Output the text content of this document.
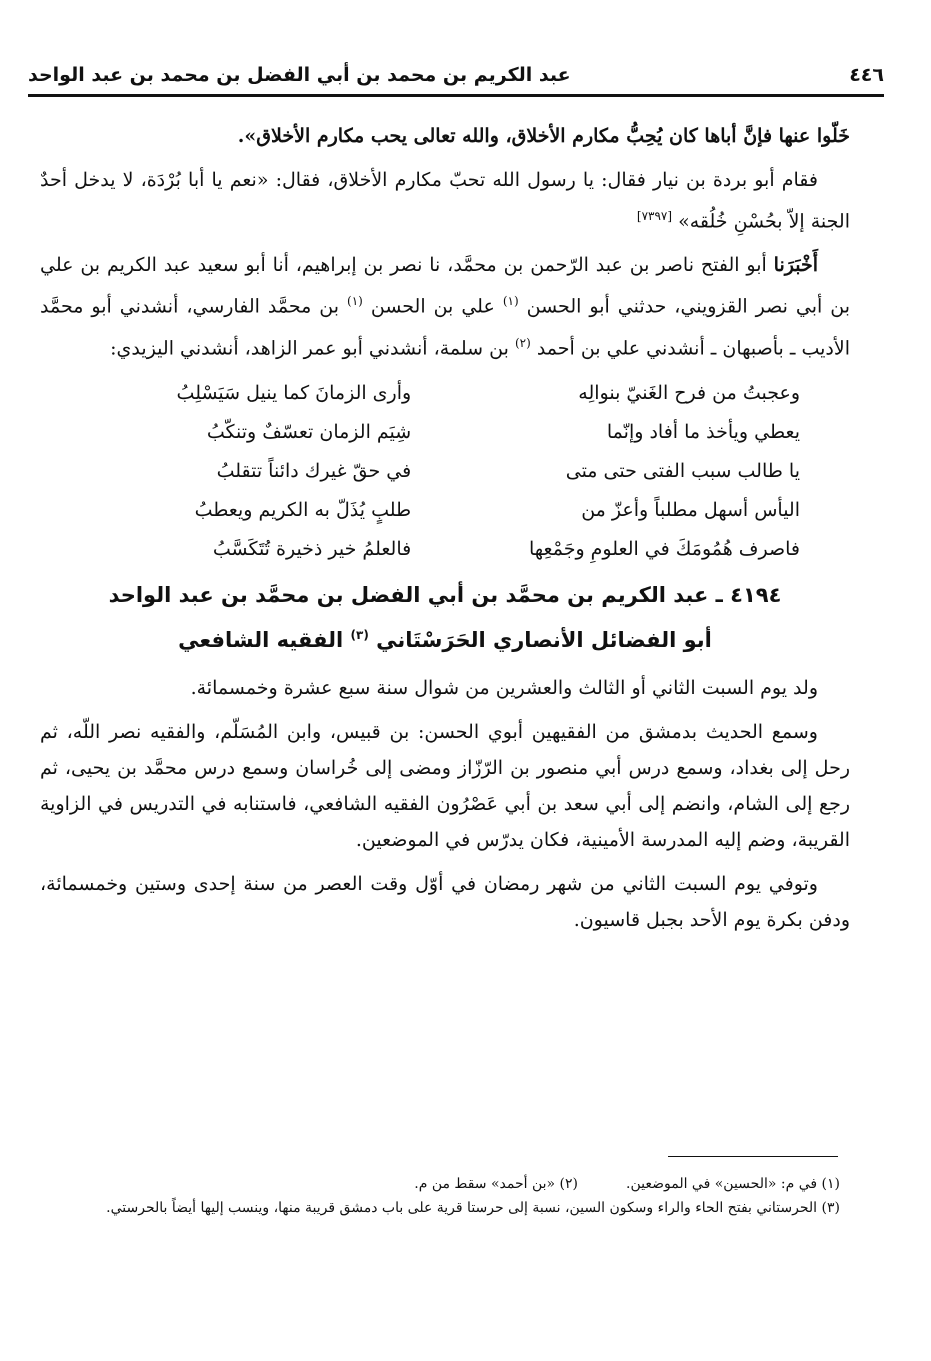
٤٤٦
عبد الكريم بن محمد بن أبي الفضل بن محمد بن عبد الواحد

خَلّوا عنها فإنَّ أباها كان يُحِبُّ مكارم الأخلاق، والله تعالى يحب مكارم الأخلاق».

فقام أبو بردة بن نيار فقال: يا رسول الله تحبّ مكارم الأخلاق، فقال: «نعم يا أبا بُرْدَة، لا يدخل أحدٌ الجنة إلاّ بحُسْنِ خُلُقه» [٧٣٩٧]

أَخْبَرَنا أبو الفتح ناصر بن عبد الرّحمن بن محمَّد، نا نصر بن إبراهيم، أنا أبو سعيد عبد الكريم بن علي بن أبي نصر القزويني، حدثني أبو الحسن $^{(١)}$ علي بن الحسن $^{(١)}$ بن محمَّد الفارسي، أنشدني أبو محمَّد الأديب ـ بأصبهان ـ أنشدني علي بن أحمد $^{(٢)}$ بن سلمة، أنشدني أبو عمر الزاهد، أنشدني اليزيدي:

وعجبتُ من فرح الغَنيّ بنوالِه
وأرى الزمانَ كما ينيل سَيَسْلِبُ
يعطي ويأخذ ما أفاد وإنّما
شِيَم الزمان تعسّفٌ وتنكّبُ
يا طالب سبب الفتى حتى متى
في حقّ غيرك دائناً تتقلبُ
اليأس أسهل مطلباً وأعزّ من
طلبٍ يُذَلّ به الكريم ويعطبُ
فاصرف هُمُومَكَ في العلومِ وجَمْعِها
فالعلمُ خير ذخيرة تُتَكَسَّبُ
٤١٩٤ ـ عبد الكريم بن محمَّد بن أبي الفضل بن محمَّد بن عبد الواحد
أبو الفضائل الأنصاري الحَرَسْتَاني $^{(٣)}$ الفقيه الشافعي

ولد يوم السبت الثاني أو الثالث والعشرين من شوال سنة سبع عشرة وخمسمائة.

وسمع الحديث بدمشق من الفقيهين أبوي الحسن: بن قبيس، وابن المُسَلّم، والفقيه نصر اللّه، ثم رحل إلى بغداد، وسمع درس أبي منصور بن الرّزّاز ومضى إلى خُراسان وسمع درس محمَّد بن يحيى، ثم رجع إلى الشام، وانضم إلى أبي سعد بن أبي عَصْرُون الفقيه الشافعي، فاستنابه في التدريس في الزاوية القريبة، وضم إليه المدرسة الأمينية، فكان يدرّس في الموضعين.

وتوفي يوم السبت الثاني من شهر رمضان في أوّل وقت العصر من سنة إحدى وستين وخمسمائة، ودفن بكرة يوم الأحد بجبل قاسيون.

(١) في م: «الحسين» في الموضعين.

(٢) «بن أحمد» سقط من م.

(٣) الحرستاني بفتح الحاء والراء وسكون السين، نسبة إلى حرستا قرية على باب دمشق قريبة منها، وينسب إليها أيضاً بالحرستي.
